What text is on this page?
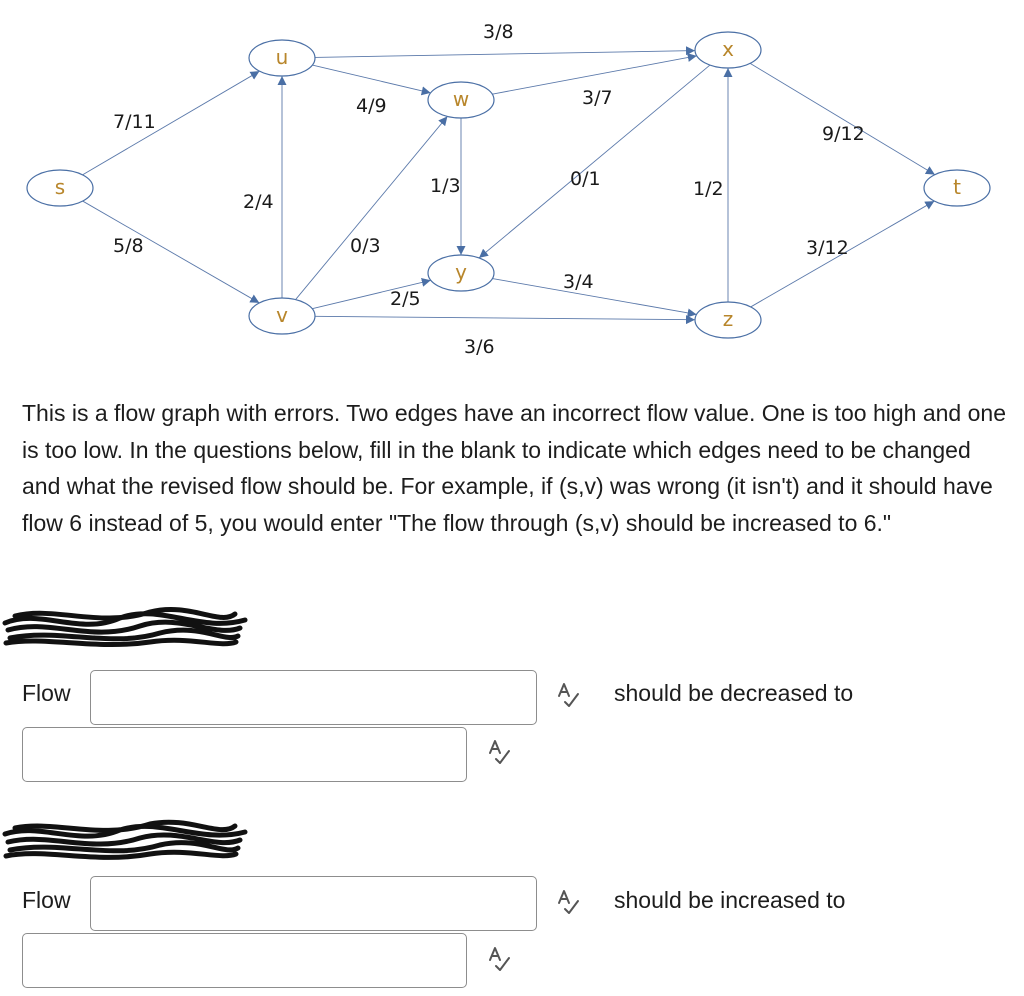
s
u
v
w
y
x
z
t
7/11
5/8
2/4
4/9
3/8
0/3
1/3
3/7
0/1
2/5
3/4
3/6
1/2
9/12
3/12

This is a flow graph with errors. Two edges have an incorrect flow value. One is too high and one is too low. In the questions below, fill in the blank to indicate which edges need to be changed and what the revised flow should be. For example, if (s,v) was wrong (it isn't) and it should have flow 6 instead of 5, you would enter "The flow through (s,v) should be increased to 6."

Flow	should be decreased to
Flow	should be increased to
